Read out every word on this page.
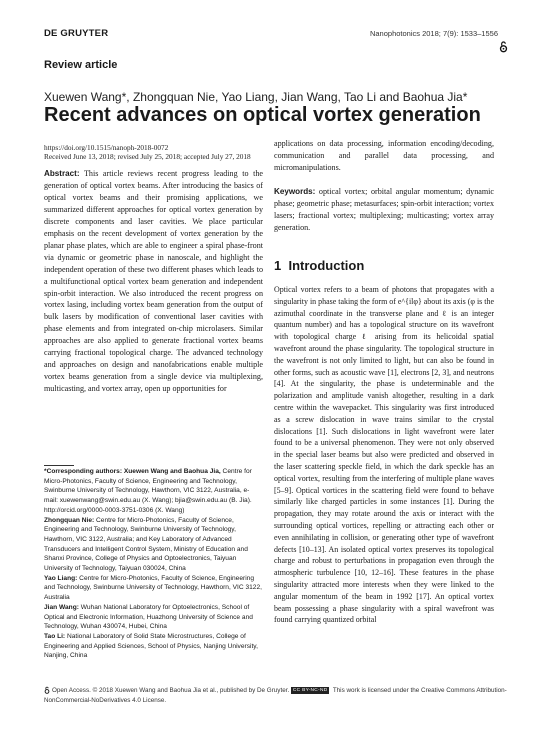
DE GRUYTER	Nanophotonics 2018; 7(9): 1533–1556
Review article
Xuewen Wang*, Zhongquan Nie, Yao Liang, Jian Wang, Tao Li and Baohua Jia*
Recent advances on optical vortex generation
https://doi.org/10.1515/nanoph-2018-0072
Received June 13, 2018; revised July 25, 2018; accepted July 27, 2018
Abstract: This article reviews recent progress leading to the generation of optical vortex beams. After introducing the basics of optical vortex beams and their promising applications, we summarized different approaches for optical vortex generation by discrete components and laser cavities. We place particular emphasis on the recent development of vortex generation by the planar phase plates, which are able to engineer a spiral phase-front via dynamic or geometric phase in nanoscale, and highlight the independent operation of these two different phases which leads to a multifunctional optical vortex beam generation and independent spin-orbit interaction. We also introduced the recent progress on vortex lasing, including vortex beam generation from the output of bulk lasers by modification of conventional laser cavities with phase elements and from integrated on-chip microlasers. Similar approaches are also applied to generate fractional vortex beams carrying fractional topological charge. The advanced technology and approaches on design and nanofabrications enable multiple vortex beams generation from a single device via multiplexing, multicasting, and vortex array, open up opportunities for
*Corresponding authors: Xuewen Wang and Baohua Jia, Centre for Micro-Photonics, Faculty of Science, Engineering and Technology, Swinburne University of Technology, Hawthorn, VIC 3122, Australia, e-mail: xuewenwang@swin.edu.au (X. Wang); bjia@swin.edu.au (B. Jia). http://orcid.org/0000-0003-3751-0306 (X. Wang)
Zhongquan Nie: Centre for Micro-Photonics, Faculty of Science, Engineering and Technology, Swinburne University of Technology, Hawthorn, VIC 3122, Australia; and Key Laboratory of Advanced Transducers and Intelligent Control System, Ministry of Education and Shanxi Province, College of Physics and Optoelectronics, Taiyuan University of Technology, Taiyuan 030024, China
Yao Liang: Centre for Micro-Photonics, Faculty of Science, Engineering and Technology, Swinburne University of Technology, Hawthorn, VIC 3122, Australia
Jian Wang: Wuhan National Laboratory for Optoelectronics, School of Optical and Electronic Information, Huazhong University of Science and Technology, Wuhan 430074, Hubei, China
Tao Li: National Laboratory of Solid State Microstructures, College of Engineering and Applied Sciences, School of Physics, Nanjing University, Nanjing, China
applications on data processing, information encoding/decoding, communication and parallel data processing, and micromanipulations.
Keywords: optical vortex; orbital angular momentum; dynamic phase; geometric phase; metasurfaces; spin-orbit interaction; vortex lasers; fractional vortex; multiplexing; multicasting; vortex array generation.
1 Introduction
Optical vortex refers to a beam of photons that propagates with a singularity in phase taking the form of e^{ilφ} about its axis (φ is the azimuthal coordinate in the transverse plane and ℓ is an integer quantum number) and has a topological structure on its wavefront with topological charge ℓ arising from its helicoidal spatial wavefront around the phase singularity. The topological structure in the wavefront is not only limited to light, but can also be found in other forms, such as acoustic wave [1], electrons [2, 3], and neutrons [4]. At the singularity, the phase is undeterminable and the polarization and amplitude vanish altogether, resulting in a dark centre within the wavepacket. This singularity was first introduced as a screw dislocation in wave trains similar to the crystal dislocations [1]. Such dislocations in light wavefront were later found to be a universal phenomenon. They were not only observed in the special laser beams but also were predicted and observed in the laser scattering speckle field, in which the dark speckle has an optical vortex, resulting from the interfering of multiple plane waves [5–9]. Optical vortices in the scattering field were found to behave similarly like charged particles in some instances [1]. During the propagation, they may rotate around the axis or interact with the surrounding optical vortices, repelling or attracting each other or even annihilating in collision, or generating other type of wavefront defects [10–13]. An isolated optical vortex preserves its topological charge and robust to perturbations in propagation even through the atmospheric turbulence [10, 12–16]. These features in the phase singularity attracted more interests when they were linked to the angular momentum of the beam in 1992 [17]. An optical vortex beam possessing a phase singularity with a spiral wavefront was found carrying quantized orbital
Open Access. © 2018 Xuewen Wang and Baohua Jia et al., published by De Gruyter. CC BY-NC-ND This work is licensed under the Creative Commons Attribution-NonCommercial-NoDerivatives 4.0 License.
